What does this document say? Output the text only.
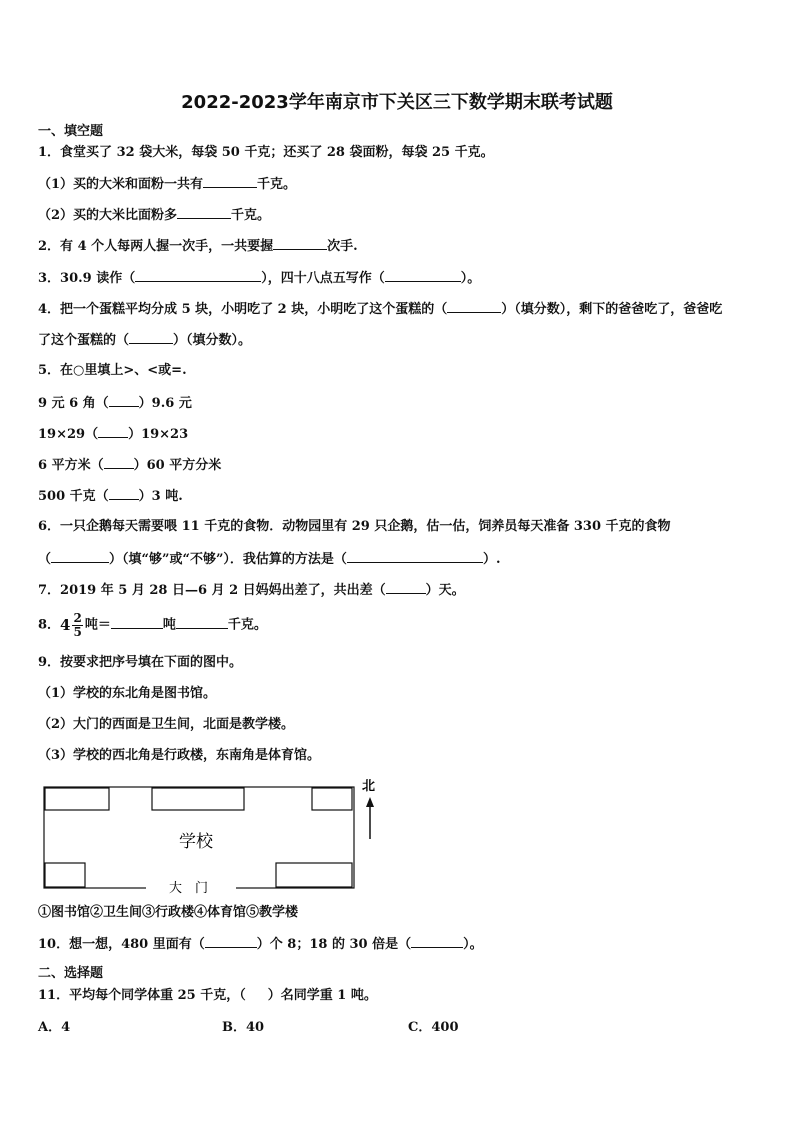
2022-2023学年南京市下关区三下数学期末联考试题
一、填空题
1．食堂买了 32 袋大米，每袋 50 千克；还买了 28 袋面粉，每袋 25 千克。
（1）买的大米和面粉一共有	千克。
（2）买的大米比面粉多	千克。
2．有 4 个人每两人握一次手，一共要握	次手.
3．30.9 读作（	），四十八点五写作（	）。
4．把一个蛋糕平均分成 5 块，小明吃了 2 块，小明吃了这个蛋糕的（	）（填分数），剩下的爸爸吃了，爸爸吃
了这个蛋糕的（	）（填分数）。
5．在○里填上>、<或=.
9 元 6 角（ ）9.6 元
19×29（ ）19×23
6 平方米（ ）60 平方分米
500 千克（ ）3 吨.
6．一只企鹅每天需要喂 11 千克的食物．动物园里有 29 只企鹅，估一估，饲养员每天准备 330 千克的食物
（	）（填“够”或“不够”）．我估算的方法是（	）.
7．2019 年 5 月 28 日—6 月 2 日妈妈出差了，共出差（	）天。
8．$4 \frac{2}{5}$ 吨＝	吨	千克。
9．按要求把序号填在下面的图中。
（1）学校的东北角是图书馆。
（2）大门的西面是卫生间，北面是教学楼。
（3）学校的西北角是行政楼，东南角是体育馆。
学校
大　门
北
①图书馆②卫生间③行政楼④体育馆⑤教学楼
10．想一想，480 里面有（	）个 8；18 的 30 倍是（	）。
二、选择题
11．平均每个同学体重 25 千克，（ ）名同学重 1 吨。
A．4	B．40	C．400
